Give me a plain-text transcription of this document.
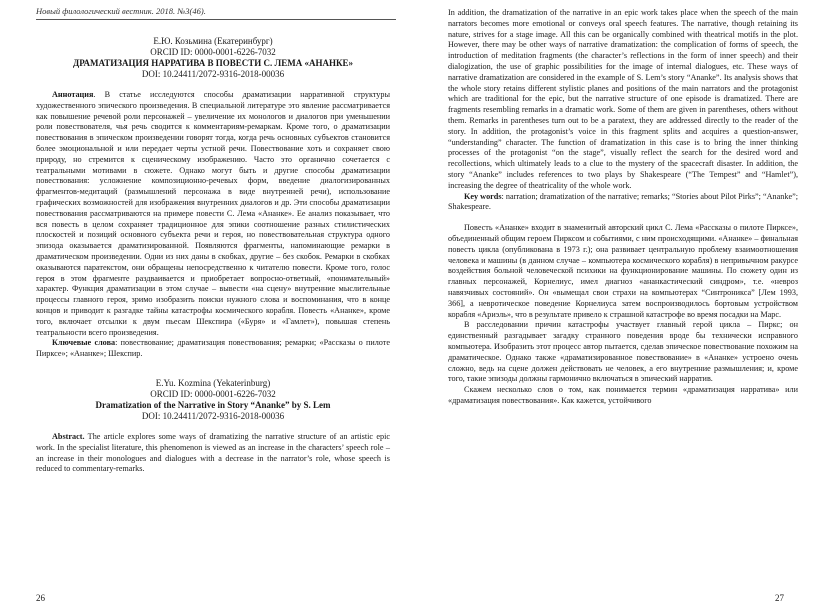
Новый филологический вестник. 2018. №3(46).

Е.Ю. Козьмина (Екатеринбург)

ORCID ID: 0000-0001-6226-7032

ДРАМАТИЗАЦИЯ НАРРАТИВА В ПОВЕСТИ С. ЛЕМА «АНАНКЕ»

DOI: 10.24411/2072-9316-2018-00036

Аннотация. В статье исследуются способы драматизации нарративной структуры художественного эпического произведения. В специальной литературе это явление рассматривается как повышение речевой роли персонажей – увеличение их монологов и диалогов при уменьшении роли повествователя, чья речь сводится к комментариям-ремаркам. Кроме того, о драматизации повествования в эпическом произведении говорят тогда, когда речь основных субъектов становится более эмоциональной и или передает черты устной речи. Повествование хоть и сохраняет свою природу, но стремится к сценическому изображению. Часто это органично сочетается с театральными мотивами в сюжете. Однако могут быть и другие способы драматизации повествования: усложнение композиционно-речевых форм, введение диалогизированных фрагментов-медитаций (размышлений персонажа в виде внутренней речи), использование графических возможностей для изображения внутренних диалогов и др. Эти способы драматизации повествования рассматриваются на примере повести С. Лема «Ананке». Ее анализ показывает, что вся повесть в целом сохраняет традиционное для эпики соотношение разных стилистических плоскостей и позиций основного субъекта речи и героя, но повествовательная структура одного эпизода оказывается драматизированной. Появляются фрагменты, напоминающие ремарки в драматическом произведении. Одни из них даны в скобках, другие – без скобок. Ремарки в скобках оказываются паратекстом, они обращены непосредственно к читателю повести. Кроме того, голос героя в этом фрагменте раздваивается и приобретает вопросно-ответный, «понимательный» характер. Функция драматизации в этом случае – вывести «на сцену» внутренние мыслительные процессы главного героя, зримо изобразить поиски нужного слова и воспоминания, что в конце концов и приводит к разгадке тайны катастрофы космического корабля. Повесть «Ананке», кроме того, включает отсылки к двум пьесам Шекспира («Буря» и «Гамлет»), повышая степень театральности всего произведения.

Ключевые слова: повествование; драматизация повествования; ремарки; «Рассказы о пилоте Пирксе»; «Ананке»; Шекспир.

E.Yu. Kozmina (Yekaterinburg)

ORCID ID: 0000-0001-6226-7032

Dramatization of the Narrative in Story “Ananke” by S. Lem

DOI: 10.24411/2072-9316-2018-00036

Abstract. The article explores some ways of dramatizing the narrative structure of an artistic epic work. In the specialist literature, this phenomenon is viewed as an increase in the characters’ speech role – an increase in their monologues and dialogues with a decrease in the narrator’s role, whose speech is reduced to commentary-remarks.

26

In addition, the dramatization of the narrative in an epic work takes place when the speech of the main narrators becomes more emotional or conveys oral speech features. The narrative, though retaining its nature, strives for a stage image. All this can be organically combined with theatrical motifs in the plot. However, there may be other ways of narrative dramatization: the complication of forms of speech, the introduction of meditation fragments (the character’s reflections in the form of inner speech) and their dialogization, the use of graphic possibilities for the image of internal dialogues, etc. These ways of narrative dramatization are considered in the example of S. Lem’s story “Ananke”. Its analysis shows that the whole story retains different stylistic planes and positions of the main narrators and the protagonist which are traditional for the epic, but the narrative structure of one episode is dramatized. There are fragments resembling remarks in a dramatic work. Some of them are given in parentheses, others without them. Remarks in parentheses turn out to be a paratext, they are addressed directly to the reader of the story. In addition, the protagonist’s voice in this fragment splits and acquires a question-answer, “understanding” character. The function of dramatization in this case is to bring the inner thinking processes of the protagonist “on the stage”, visually reflect the search for the desired word and recollections, which ultimately leads to a clue to the mystery of the spacecraft disaster. In addition, the story “Ananke” includes references to two plays by Shakespeare (“The Tempest” and “Hamlet”), increasing the degree of theatricality of the whole work.

Key words: narration; dramatization of the narrative; remarks; “Stories about Pilot Pirks”; “Ananke”; Shakespeare.

Повесть «Ананке» входит в знаменитый авторский цикл С. Лема «Рассказы о пилоте Пирксе», объединенный общим героем Пирксом и событиями, с ним происходящими. «Ананке» – финальная повесть цикла (опубликована в 1973 г.); она развивает центральную проблему взаимоотношения человека и машины (в данном случае – компьютера космического корабля) в непривычном ракурсе воздействия больной человеческой психики на функционирование машины. По сюжету один из главных персонажей, Корнелиус, имел диагноз «ананкастический синдром», т.е. «невроз навязчивых состояний». Он «вымещал свои страхи на компьютерах “Синтроникса” [Лем 1993, 366], а невротическое поведение Корнелиуса затем воспроизводилось бортовым устройством корабля «Ариэль», что в результате привело к страшной катастрофе во время посадки на Марс.

В расследовании причин катастрофы участвует главный герой цикла – Пиркс; он единственный разгадывает загадку странного поведения вроде бы технически исправного компьютера. Изобразить этот процесс автор пытается, сделав эпическое повествование похожим на драматическое. Однако также «драматизированное повествование» в «Ананке» устроено очень сложно, ведь на сцене должен действовать не человек, а его внутренние размышления; и, кроме того, такие эпизоды должны гармонично включаться в эпический нарратив.

Скажем несколько слов о том, как понимается термин «драматизация нарратива» или «драматизация повествования». Как кажется, устойчивого

27
